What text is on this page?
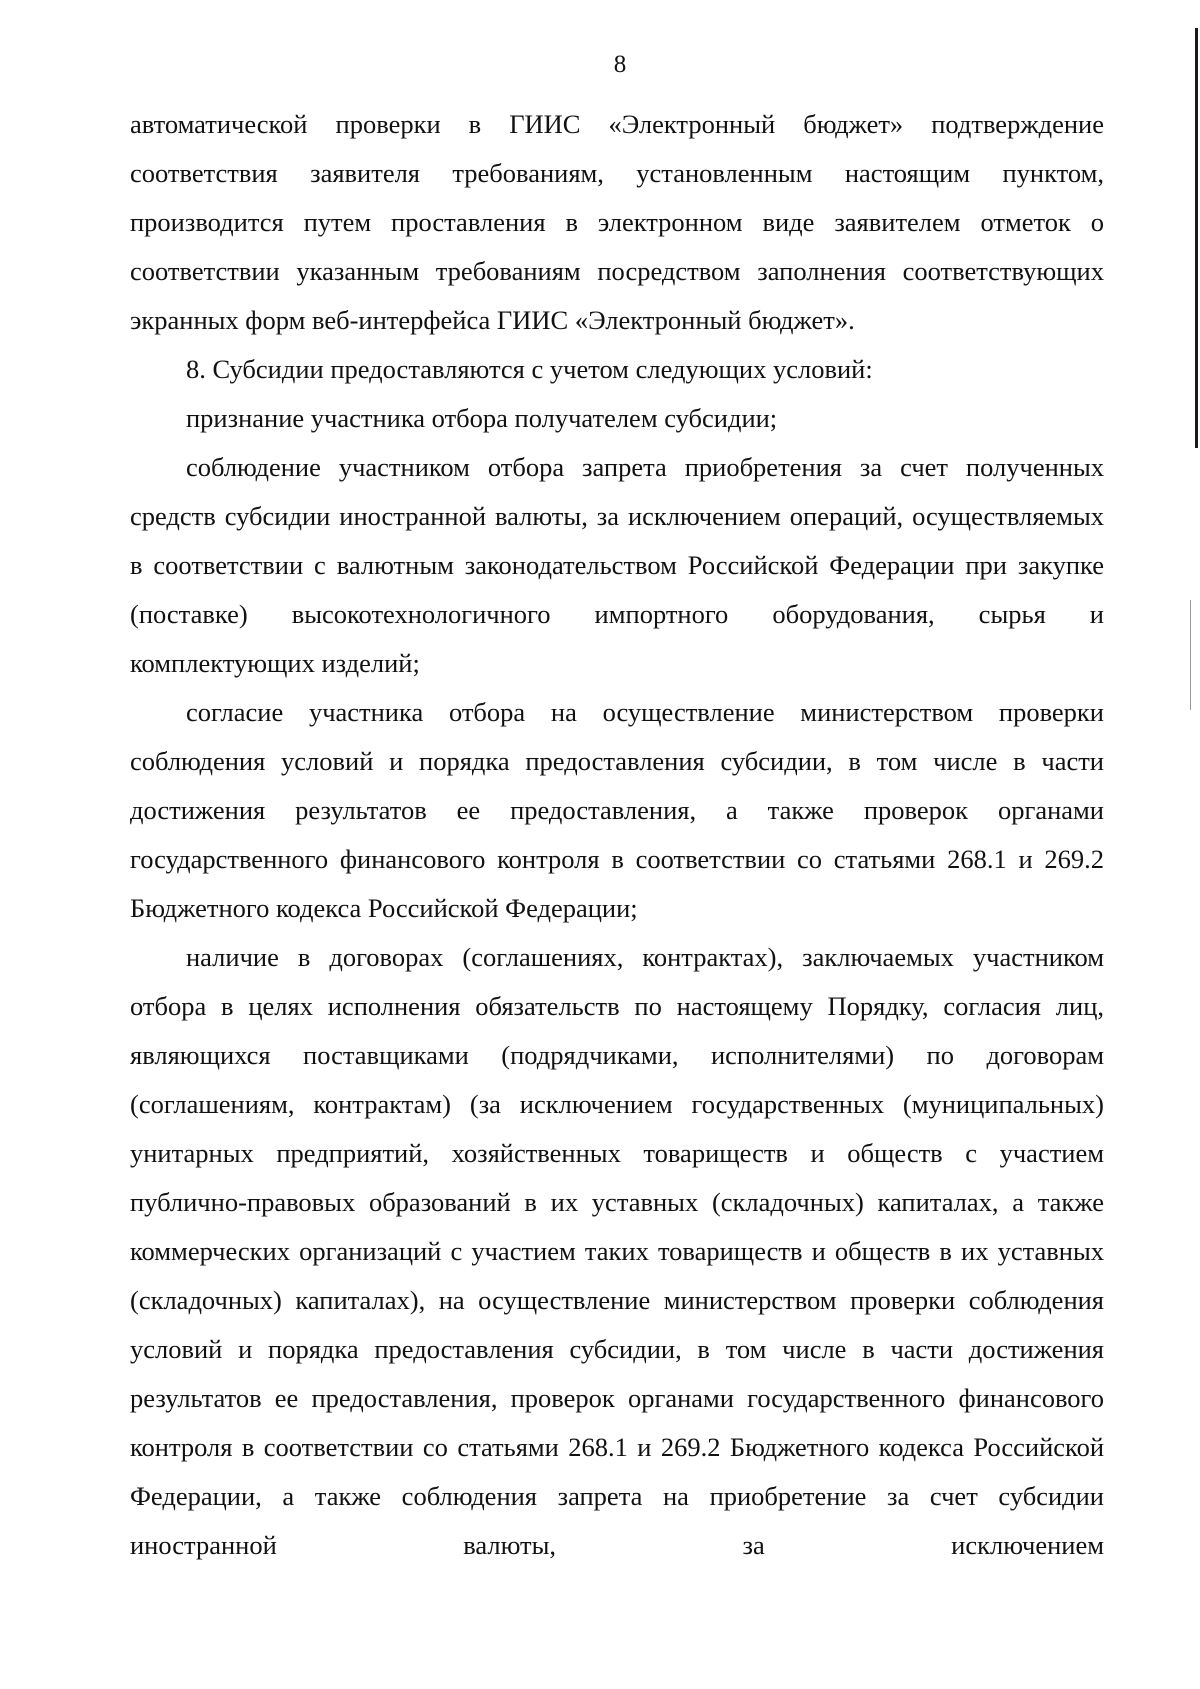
8

автоматической проверки в ГИИС «Электронный бюджет» подтверждение соответствия заявителя требованиям, установленным настоящим пунктом, производится путем проставления в электронном виде заявителем отметок о соответствии указанным требованиям посредством заполнения соответствующих экранных форм веб-интерфейса ГИИС «Электронный бюджет».

8. Субсидии предоставляются с учетом следующих условий:

признание участника отбора получателем субсидии;

соблюдение участником отбора запрета приобретения за счет полученных средств субсидии иностранной валюты, за исключением операций, осуществляемых в соответствии с валютным законодательством Российской Федерации при закупке (поставке) высокотехнологичного импортного оборудования, сырья и комплектующих изделий;

согласие участника отбора на осуществление министерством проверки соблюдения условий и порядка предоставления субсидии, в том числе в части достижения результатов ее предоставления, а также проверок органами государственного финансового контроля в соответствии со статьями 268.1 и 269.2 Бюджетного кодекса Российской Федерации;

наличие в договорах (соглашениях, контрактах), заключаемых участником отбора в целях исполнения обязательств по настоящему Порядку, согласия лиц, являющихся поставщиками (подрядчиками, исполнителями) по договорам (соглашениям, контрактам) (за исключением государственных (муниципальных) унитарных предприятий, хозяйственных товариществ и обществ с участием публично-правовых образований в их уставных (складочных) капиталах, а также коммерческих организаций с участием таких товариществ и обществ в их уставных (складочных) капиталах), на осуществление министерством проверки соблюдения условий и порядка предоставления субсидии, в том числе в части достижения результатов ее предоставления, проверок органами государственного финансового контроля в соответствии со статьями 268.1 и 269.2 Бюджетного кодекса Российской Федерации, а также соблюдения запрета на приобретение за счет субсидии иностранной валюты, за исключением
